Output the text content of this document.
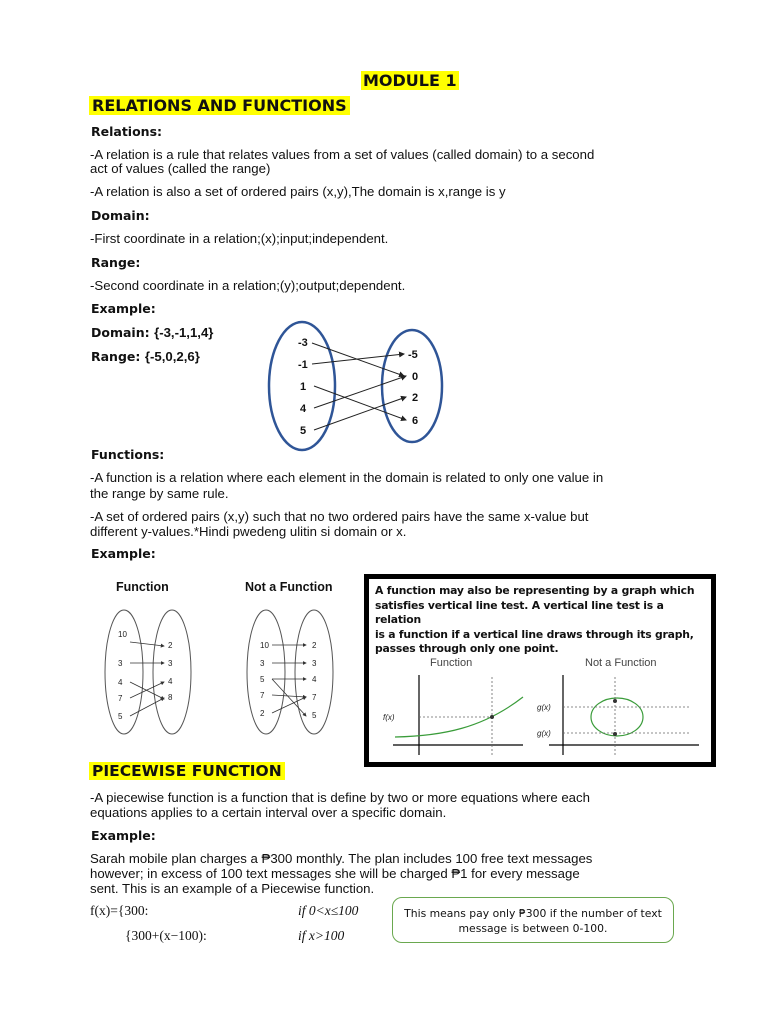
MODULE 1
RELATIONS AND FUNCTIONS
Relations:
-A relation is a rule that relates values from a set of values (called domain) to a second
act of values (called the range)
-A relation is also a set of ordered pairs (x,y),The domain is x,range is y
Domain:
-First coordinate in a relation;(x);input;independent.
Range:
-Second coordinate in a relation;(y);output;dependent.
Example:
Domain: {-3,-1,1,4}
Range: {-5,0,2,6}
-3
-1
1
4
5
-5
0
2
6
Functions:
-A function is a relation where each element in the domain is related to only one value in
the range by same rule.
-A set of ordered pairs (x,y) such that no two ordered pairs have the same x-value but
different y-values.*Hindi pwedeng ulitin si domain or x.
Example:
Function	Not a Function
10
3
4
7
5
2
3
4
8
10
3
5
7
2
2
3
4
7
5
A function may also be representing by a graph which
satisfies vertical line test. A vertical line test is a relation
is a function if a vertical line draws through its graph,
passes through only one point.
Function	Not a Function
f(x)
g(x)
g(x)
PIECEWISE FUNCTION
-A piecewise function is a function that is define by two or more equations where each
equations applies to a certain interval over a specific domain.
Example:
Sarah mobile plan charges a ₱300 monthly. The plan includes 100 free text messages
however; in excess of 100 text messages she will be charged ₱1 for every message
sent. This is an example of a Piecewise function.
f(x)={300:	if 0<x≤100
{300+(x−100):	if x>100
This means pay only ₱300 if the number of text
message is between 0-100.
